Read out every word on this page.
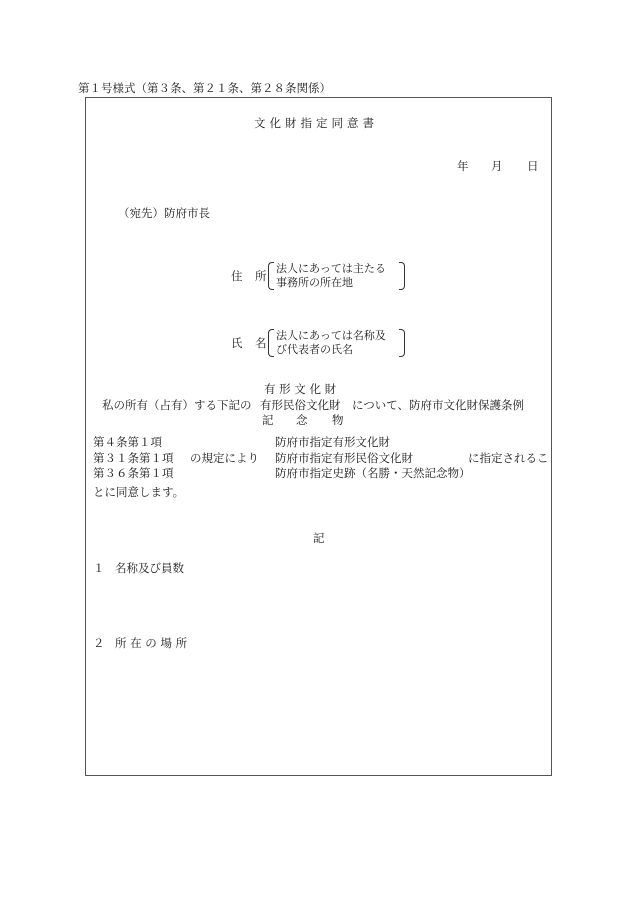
第１号様式（第３条、第２１条、第２８条関係）
文化財指定同意書
年 月 日
（宛先）防府市長
住 所
法人にあっては主たる
事務所の所在地
氏 名
法人にあっては名称及
び代表者の氏名
有 形 文 化 財
私の所有（占有）する下記の 有形民俗文化財 について、防府市文化財保護条例
記 念 物
第４条第１項	防府市指定有形文化財
第３１条第１項 の規定により 防府市指定有形民俗文化財	に指定されるこ
第３６条第１項	防府市指定史跡（名勝・天然記念物）
とに同意します。
記
１ 名称及び員数
２ 所 在 の 場 所
